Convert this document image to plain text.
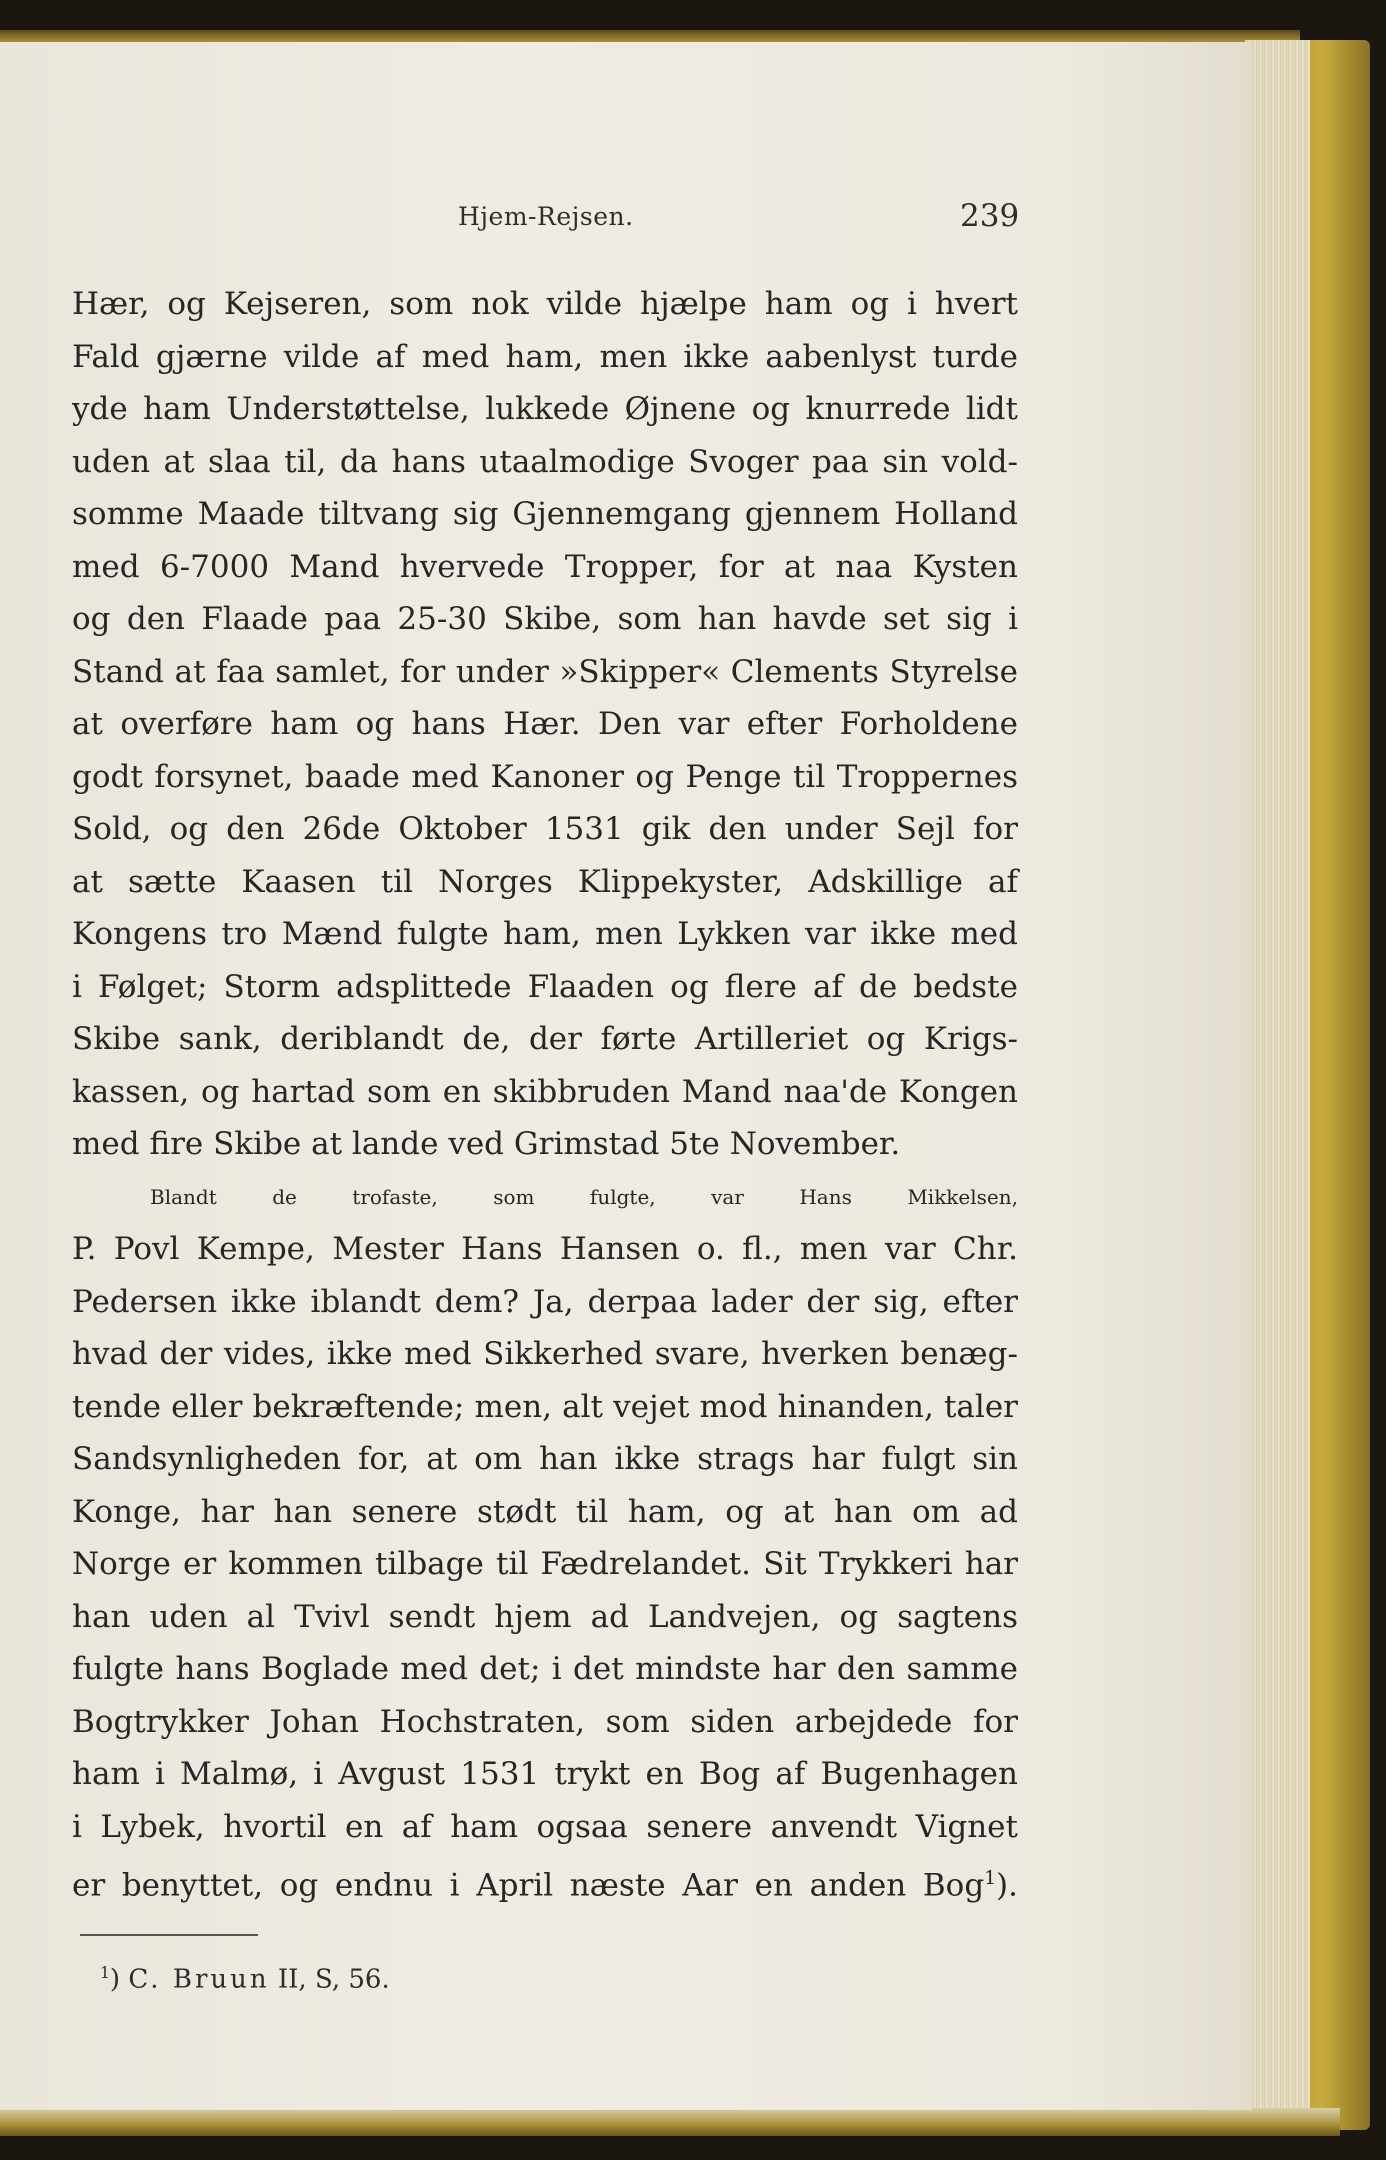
Hjem-Rejsen.	239
Hær, og Kejseren, som nok vilde hjælpe ham og i hvert
Fald gjærne vilde af med ham, men ikke aabenlyst turde
yde ham Understøttelse, lukkede Øjnene og knurrede lidt
uden at slaa til, da hans utaalmodige Svoger paa sin vold-
somme Maade tiltvang sig Gjennemgang gjennem Holland
med 6-7000 Mand hvervede Tropper, for at naa Kysten
og den Flaade paa 25-30 Skibe, som han havde set sig i
Stand at faa samlet, for under »Skipper« Clements Styrelse
at overføre ham og hans Hær. Den var efter Forholdene
godt forsynet, baade med Kanoner og Penge til Troppernes
Sold, og den 26de Oktober 1531 gik den under Sejl for
at sætte Kaasen til Norges Klippekyster, Adskillige af
Kongens tro Mænd fulgte ham, men Lykken var ikke med
i Følget; Storm adsplittede Flaaden og flere af de bedste
Skibe sank, deriblandt de, der førte Artilleriet og Krigs-
kassen, og hartad som en skibbruden Mand naa'de Kongen
med fire Skibe at lande ved Grimstad 5te November.
Blandt de trofaste, som fulgte, var Hans Mikkelsen,
P. Povl Kempe, Mester Hans Hansen o. fl., men var Chr.
Pedersen ikke iblandt dem? Ja, derpaa lader der sig, efter
hvad der vides, ikke med Sikkerhed svare, hverken benæg-
tende eller bekræftende; men, alt vejet mod hinanden, taler
Sandsynligheden for, at om han ikke strags har fulgt sin
Konge, har han senere stødt til ham, og at han om ad
Norge er kommen tilbage til Fædrelandet. Sit Trykkeri har
han uden al Tvivl sendt hjem ad Landvejen, og sagtens
fulgte hans Boglade med det; i det mindste har den samme
Bogtrykker Johan Hochstraten, som siden arbejdede for
ham i Malmø, i Avgust 1531 trykt en Bog af Bugenhagen
i Lybek, hvortil en af ham ogsaa senere anvendt Vignet
er benyttet, og endnu i April næste Aar en anden Bog$^1$).
$^1$) C. Bruun II, S, 56.
